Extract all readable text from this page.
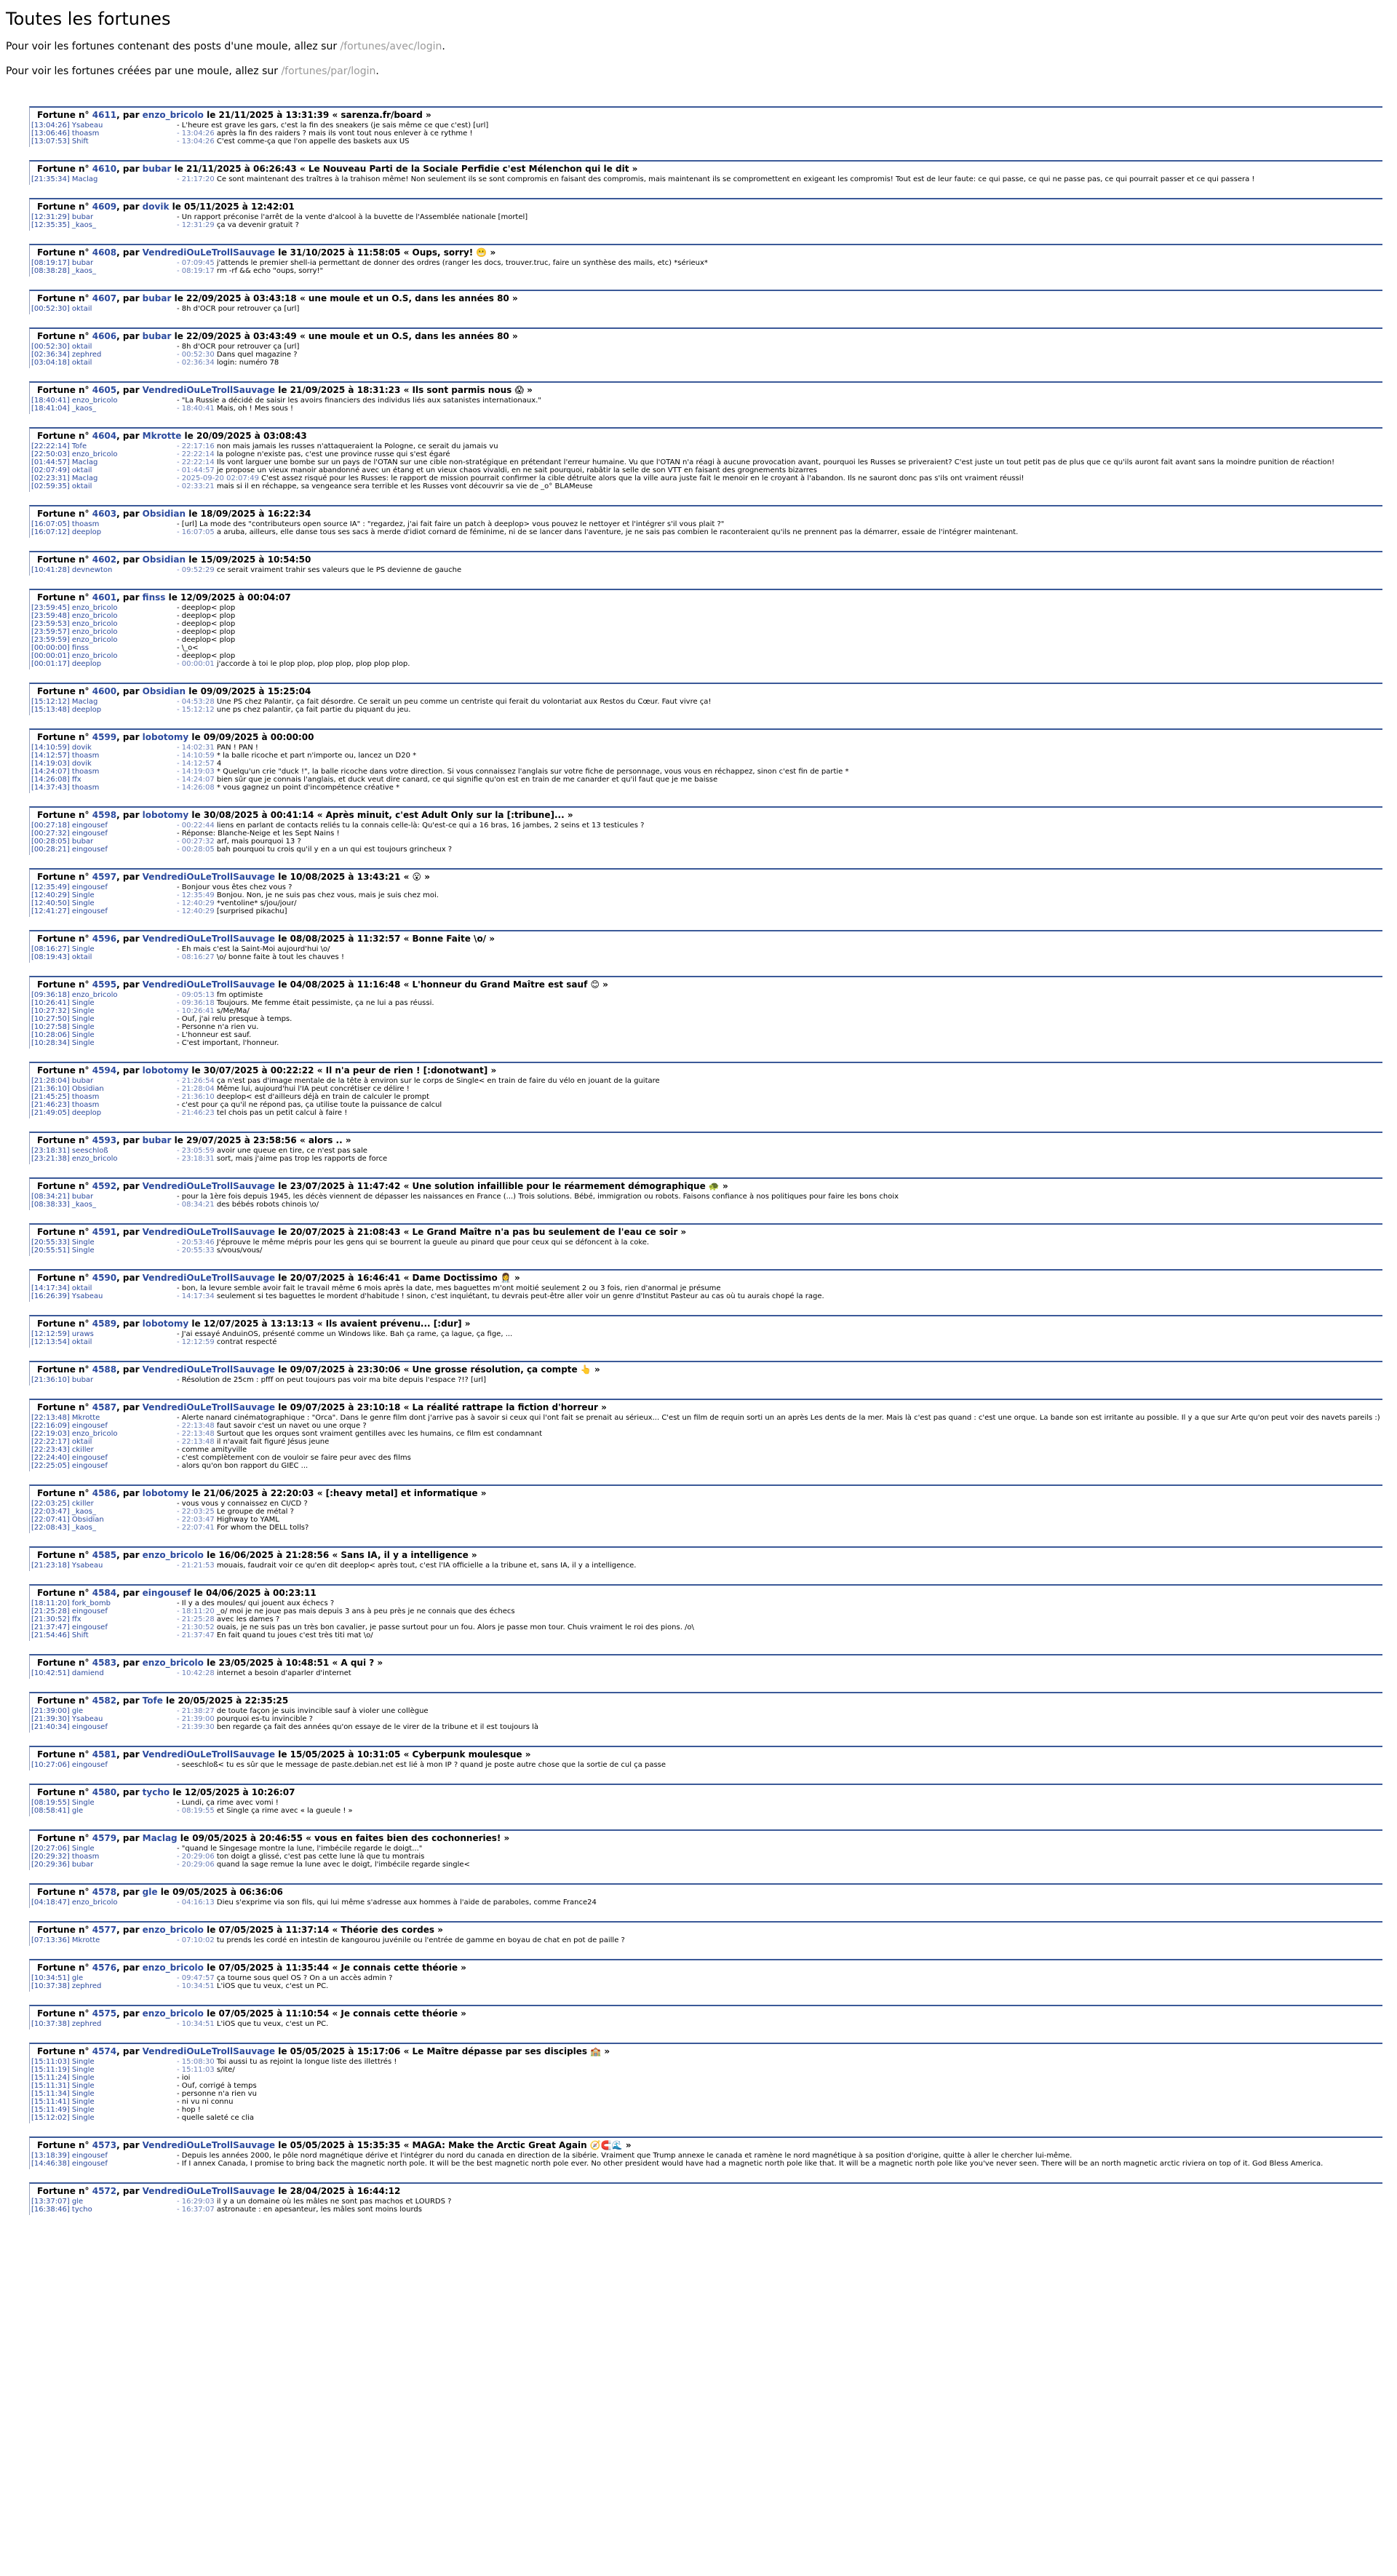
Toutes les fortunes

Pour voir les fortunes contenant des posts d'une moule, allez sur /fortunes/avec/login.

Pour voir les fortunes créées par une moule, allez sur /fortunes/par/login.

Fortune n° 4611, par enzo_bricolo le 21/11/2025 à 13:31:39 « sarenza.fr/board »
[13:04:26] Ysabeau	- L'heure est grave les gars, c'est la fin des sneakers (je sais même ce que c'est) [url]
[13:06:46] thoasm	- 13:04:26 après la fin des raiders ? mais ils vont tout nous enlever à ce rythme !
[13:07:53] Shift	- 13:04:26 C'est comme-ça que l'on appelle des baskets aux US
Fortune n° 4610, par bubar le 21/11/2025 à 06:26:43 « Le Nouveau Parti de la Sociale Perfidie c'est Mélenchon qui le dit »
[21:35:34] Maclag	- 21:17:20 Ce sont maintenant des traîtres à la trahison même! Non seulement ils se sont compromis en faisant des compromis, mais maintenant ils se compromettent en exigeant les compromis! Tout est de leur faute: ce qui passe, ce qui ne passe pas, ce qui pourrait passer et ce qui passera !
Fortune n° 4609, par dovik le 05/11/2025 à 12:42:01
[12:31:29] bubar	- Un rapport préconise l'arrêt de la vente d'alcool à la buvette de l'Assemblée nationale [mortel]
[12:35:35] _kaos_	- 12:31:29 ça va devenir gratuit ?
Fortune n° 4608, par VendrediOuLeTrollSauvage le 31/10/2025 à 11:58:05 « Oups, sorry! 😬 »
[08:19:17] bubar	- 07:09:45 j'attends le premier shell-ia permettant de donner des ordres (ranger les docs, trouver.truc, faire un synthèse des mails, etc) *sérieux*
[08:38:28] _kaos_	- 08:19:17 rm -rf && echo "oups, sorry!"
Fortune n° 4607, par bubar le 22/09/2025 à 03:43:18 « une moule et un O.S, dans les années 80 »
[00:52:30] oktail	- 8h d'OCR pour retrouver ça [url]
Fortune n° 4606, par bubar le 22/09/2025 à 03:43:49 « une moule et un O.S, dans les années 80 »
[00:52:30] oktail	- 8h d'OCR pour retrouver ça [url]
[02:36:34] zephred	- 00:52:30 Dans quel magazine ?
[03:04:18] oktail	- 02:36:34 login: numéro 78
Fortune n° 4605, par VendrediOuLeTrollSauvage le 21/09/2025 à 18:31:23 « Ils sont parmis nous 😱 »
[18:40:41] enzo_bricolo	- "La Russie a décidé de saisir les avoirs financiers des individus liés aux satanistes internationaux."
[18:41:04] _kaos_	- 18:40:41 Mais, oh ! Mes sous !
Fortune n° 4604, par Mkrotte le 20/09/2025 à 03:08:43
[22:22:14] Tofe	- 22:17:16 non mais jamais les russes n'attaqueraient la Pologne, ce serait du jamais vu
[22:50:03] enzo_bricolo	- 22:22:14 la pologne n'existe pas, c'est une province russe qui s'est égaré
[01:44:57] Maclag	- 22:22:14 Ils vont larguer une bombe sur un pays de l'OTAN sur une cible non-stratégique en prétendant l'erreur humaine. Vu que l'OTAN n'a réagi à aucune provocation avant, pourquoi les Russes se priveraient? C'est juste un tout petit pas de plus que ce qu'ils auront fait avant sans la moindre punition de réaction!
[02:07:49] oktail	- 01:44:57 je propose un vieux manoir abandonné avec un étang et un vieux chaos vivaldi, en ne sait pourquoi, rabâtir la selle de son VTT en faisant des grognements bizarres
[02:23:31] Maclag	- 2025-09-20 02:07:49 C'est assez risqué pour les Russes: le rapport de mission pourrait confirmer la cible détruite alors que la ville aura juste fait le menoir en le croyant à l'abandon. Ils ne sauront donc pas s'ils ont vraiment réussi!
[02:59:35] oktail	- 02:33:21 mais si il en réchappe, sa vengeance sera terrible et les Russes vont découvrir sa vie de _o° BLAMeuse
Fortune n° 4603, par Obsidian le 18/09/2025 à 16:22:34
[16:07:05] thoasm	- [url] La mode des "contributeurs open source IA" : "regardez, j'ai fait faire un patch à deeplop> vous pouvez le nettoyer et l'intégrer s'il vous plait ?"
[16:07:12] deeplop	- 16:07:05 a aruba, ailleurs, elle danse tous ses sacs à merde d'idiot cornard de féminime, ni de se lancer dans l'aventure, je ne sais pas combien le raconteraient qu'ils ne prennent pas la démarrer, essaie de l'intégrer maintenant.
Fortune n° 4602, par Obsidian le 15/09/2025 à 10:54:50
[10:41:28] devnewton	- 09:52:29 ce serait vraiment trahir ses valeurs que le PS devienne de gauche
Fortune n° 4601, par finss le 12/09/2025 à 00:04:07
[23:59:45] enzo_bricolo	- deeplop< plop
[23:59:48] enzo_bricolo	- deeplop< plop
[23:59:53] enzo_bricolo	- deeplop< plop
[23:59:57] enzo_bricolo	- deeplop< plop
[23:59:59] enzo_bricolo	- deeplop< plop
[00:00:00] finss	- \_o<
[00:00:01] enzo_bricolo	- deeplop< plop
[00:01:17] deeplop	- 00:00:01 j'accorde à toi le plop plop, plop plop, plop plop plop.
Fortune n° 4600, par Obsidian le 09/09/2025 à 15:25:04
[15:12:12] Maclag	- 04:53:28 Une PS chez Palantir, ça fait désordre. Ce serait un peu comme un centriste qui ferait du volontariat aux Restos du Cœur. Faut vivre ça!
[15:13:48] deeplop	- 15:12:12 une ps chez palantir, ça fait partie du piquant du jeu.
Fortune n° 4599, par lobotomy le 09/09/2025 à 00:00:00
[14:10:59] dovik	- 14:02:31 PAN ! PAN !
[14:12:57] thoasm	- 14:10:59 * la balle ricoche et part n'importe ou, lancez un D20 *
[14:19:03] dovik	- 14:12:57 4
[14:24:07] thoasm	- 14:19:03 * Quelqu'un crie "duck !", la balle ricoche dans votre direction. Si vous connaissez l'anglais sur votre fiche de personnage, vous vous en réchappez, sinon c'est fin de partie *
[14:26:08] ffx	- 14:24:07 bien sûr que je connais l'anglais, et duck veut dire canard, ce qui signifie qu'on est en train de me canarder et qu'il faut que je me baisse
[14:37:43] thoasm	- 14:26:08 * vous gagnez un point d'incompétence créative *
Fortune n° 4598, par lobotomy le 30/08/2025 à 00:41:14 « Après minuit, c'est Adult Only sur la [:tribune]... »
[00:27:18] eingousef	- 00:22:44 liens en parlant de contacts reliés tu la connais celle-là: Qu'est-ce qui a 16 bras, 16 jambes, 2 seins et 13 testicules ?
[00:27:32] eingousef	- Réponse: Blanche-Neige et les Sept Nains !
[00:28:05] bubar	- 00:27:32 arf, mais pourquoi 13 ?
[00:28:21] eingousef	- 00:28:05 bah pourquoi tu crois qu'il y en a un qui est toujours grincheux ?
Fortune n° 4597, par VendrediOuLeTrollSauvage le 10/08/2025 à 13:43:21 « 😮 »
[12:35:49] eingousef	- Bonjour vous êtes chez vous ?
[12:40:29] Single	- 12:35:49 Bonjou. Non, je ne suis pas chez vous, mais je suis chez moi.
[12:40:50] Single	- 12:40:29 *ventoline* s/jou/jour/
[12:41:27] eingousef	- 12:40:29 [surprised pikachu]
Fortune n° 4596, par VendrediOuLeTrollSauvage le 08/08/2025 à 11:32:57 « Bonne Faite \o/ »
[08:16:27] Single	- Eh mais c'est la Saint-Moi aujourd'hui \o/
[08:19:43] oktail	- 08:16:27 \o/ bonne faite à tout les chauves !
Fortune n° 4595, par VendrediOuLeTrollSauvage le 04/08/2025 à 11:16:48 « L'honneur du Grand Maître est sauf 😊 »
[09:36:18] enzo_bricolo	- 09:05:13 fm optimiste
[10:26:41] Single	- 09:36:18 Toujours. Me femme était pessimiste, ça ne lui a pas réussi.
[10:27:32] Single	- 10:26:41 s/Me/Ma/
[10:27:50] Single	- Ouf, j'ai relu presque à temps.
[10:27:58] Single	- Personne n'a rien vu.
[10:28:06] Single	- L'honneur est sauf.
[10:28:34] Single	- C'est important, l'honneur.
Fortune n° 4594, par lobotomy le 30/07/2025 à 00:22:22 « Il n'a peur de rien ! [:donotwant] »
[21:28:04] bubar	- 21:26:54 ça n'est pas d'image mentale de la tête à environ sur le corps de Single< en train de faire du vélo en jouant de la guitare
[21:36:10] Obsidian	- 21:28:04 Même lui, aujourd'hui l'IA peut concrétiser ce délire !
[21:45:25] thoasm	- 21:36:10 deeplop< est d'ailleurs déjà en train de calculer le prompt
[21:46:23] thoasm	- c'est pour ça qu'il ne répond pas, ça utilise toute la puissance de calcul
[21:49:05] deeplop	- 21:46:23 tel chois pas un petit calcul à faire !
Fortune n° 4593, par bubar le 29/07/2025 à 23:58:56 « alors .. »
[23:18:31] seeschloß	- 23:05:59 avoir une queue en tire, ce n'est pas sale
[23:21:38] enzo_bricolo	- 23:18:31 sort, mais j'aime pas trop les rapports de force
Fortune n° 4592, par VendrediOuLeTrollSauvage le 23/07/2025 à 11:47:42 « Une solution infaillible pour le réarmement démographique 🐢 »
[08:34:21] bubar	- pour la 1ère fois depuis 1945, les décès viennent de dépasser les naissances en France (...) Trois solutions. Bébé, immigration ou robots. Faisons confiance à nos politiques pour faire les bons choix
[08:38:33] _kaos_	- 08:34:21 des bébés robots chinois \o/
Fortune n° 4591, par VendrediOuLeTrollSauvage le 20/07/2025 à 21:08:43 « Le Grand Maître n'a pas bu seulement de l'eau ce soir »
[20:55:33] Single	- 20:53:46 J'éprouve le même mépris pour les gens qui se bourrent la gueule au pinard que pour ceux qui se défoncent à la coke.
[20:55:51] Single	- 20:55:33 s/vous/vous/
Fortune n° 4590, par VendrediOuLeTrollSauvage le 20/07/2025 à 16:46:41 « Dame Doctissimo 👩‍⚕️ »
[14:17:34] oktail	- bon, la levure semble avoir fait le travail même 6 mois après la date, mes baguettes m'ont moitié seulement 2 ou 3 fois, rien d'anormal je présume
[16:26:39] Ysabeau	- 14:17:34 seulement si tes baguettes le mordent d'habitude ! sinon, c'est inquiétant, tu devrais peut-être aller voir un genre d'Institut Pasteur au cas où tu aurais chopé la rage.
Fortune n° 4589, par lobotomy le 12/07/2025 à 13:13:13 « Ils avaient prévenu... [:dur] »
[12:12:59] uraws	- J'ai essayé AnduinOS, présenté comme un Windows like. Bah ça rame, ça lague, ça fige, ...
[12:13:54] oktail	- 12:12:59 contrat respecté
Fortune n° 4588, par VendrediOuLeTrollSauvage le 09/07/2025 à 23:30:06 « Une grosse résolution, ça compte 👆 »
[21:36:10] bubar	- Résolution de 25cm : pfff on peut toujours pas voir ma bite depuis l'espace ?!? [url]
Fortune n° 4587, par VendrediOuLeTrollSauvage le 09/07/2025 à 23:10:18 « La réalité rattrape la fiction d'horreur »
[22:13:48] Mkrotte	- Alerte nanard cinématographique : "Orca". Dans le genre film dont j'arrive pas à savoir si ceux qui l'ont fait se prenait au sérieux... C'est un film de requin sorti un an après Les dents de la mer. Mais là c'est pas quand : c'est une orque. La bande son est irritante au possible. Il y a que sur Arte qu'on peut voir des navets pareils :)
[22:16:09] eingousef	- 22:13:48 faut savoir c'est un navet ou une orque ?
[22:19:03] enzo_bricolo	- 22:13:48 Surtout que les orques sont vraiment gentilles avec les humains, ce film est condamnant
[22:22:17] oktail	- 22:13:48 il n'avait fait figuré Jésus jeune
[22:23:43] ckiller	- comme amityville
[22:24:40] eingousef	- c'est complètement con de vouloir se faire peur avec des films
[22:25:05] eingousef	- alors qu'on bon rapport du GIEC ...
Fortune n° 4586, par lobotomy le 21/06/2025 à 22:20:03 « [:heavy metal] et informatique »
[22:03:25] ckiller	- vous vous y connaissez en CI/CD ?
[22:03:47] _kaos_	- 22:03:25 Le groupe de métal ?
[22:07:41] Obsidian	- 22:03:47 Highway to YAML
[22:08:43] _kaos_	- 22:07:41 For whom the DELL tolls?
Fortune n° 4585, par enzo_bricolo le 16/06/2025 à 21:28:56 « Sans IA, il y a intelligence »
[21:23:18] Ysabeau	- 21:21:53 mouais, faudrait voir ce qu'en dit deeplop< après tout, c'est l'IA officielle a la tribune et, sans IA, il y a intelligence.
Fortune n° 4584, par eingousef le 04/06/2025 à 00:23:11
[18:11:20] fork_bomb	- Il y a des moules/ qui jouent aux échecs ?
[21:25:28] eingousef	- 18:11:20 _o/ moi je ne joue pas mais depuis 3 ans à peu près je ne connais que des échecs
[21:30:52] ffx	- 21:25:28 avec les dames ?
[21:37:47] eingousef	- 21:30:52 ouais, je ne suis pas un très bon cavalier, je passe surtout pour un fou. Alors je passe mon tour. Chuis vraiment le roi des pions. /o\
[21:54:46] Shift	- 21:37:47 En fait quand tu joues c'est très titi mat \o/
Fortune n° 4583, par enzo_bricolo le 23/05/2025 à 10:48:51 « A qui ? »
[10:42:51] damiend	- 10:42:28 internet a besoin d'aparler d'internet
Fortune n° 4582, par Tofe le 20/05/2025 à 22:35:25
[21:39:00] gle	- 21:38:27 de toute façon je suis invincible sauf à violer une collègue
[21:39:30] Ysabeau	- 21:39:00 pourquoi es-tu invincible ?
[21:40:34] eingousef	- 21:39:30 ben regarde ça fait des années qu'on essaye de le virer de la tribune et il est toujours là
Fortune n° 4581, par VendrediOuLeTrollSauvage le 15/05/2025 à 10:31:05 « Cyberpunk moulesque »
[10:27:06] eingousef	- seeschloß< tu es sûr que le message de paste.debian.net est lié à mon IP ? quand je poste autre chose que la sortie de cul ça passe
Fortune n° 4580, par tycho le 12/05/2025 à 10:26:07
[08:19:55] Single	- Lundi, ça rime avec vomi !
[08:58:41] gle	- 08:19:55 et Single ça rime avec « la gueule ! »
Fortune n° 4579, par Maclag le 09/05/2025 à 20:46:55 « vous en faites bien des cochonneries! »
[20:27:06] Single	- "quand le Singesage montre la lune, l'imbécile regarde le doigt..."
[20:29:32] thoasm	- 20:29:06 ton doigt a glissé, c'est pas cette lune là que tu montrais
[20:29:36] bubar	- 20:29:06 quand la sage remue la lune avec le doigt, l'imbécile regarde single<
Fortune n° 4578, par gle le 09/05/2025 à 06:36:06
[04:18:47] enzo_bricolo	- 04:16:13 Dieu s'exprime via son fils, qui lui même s'adresse aux hommes à l'aide de paraboles, comme France24
Fortune n° 4577, par enzo_bricolo le 07/05/2025 à 11:37:14 « Théorie des cordes »
[07:13:36] Mkrotte	- 07:10:02 tu prends les cordé en intestin de kangourou juvénile ou l'entrée de gamme en boyau de chat en pot de paille ?
Fortune n° 4576, par enzo_bricolo le 07/05/2025 à 11:35:44 « Je connais cette théorie »
[10:34:51] gle	- 09:47:57 ça tourne sous quel OS ? On a un accès admin ?
[10:37:38] zephred	- 10:34:51 L'iOS que tu veux, c'est un PC.
Fortune n° 4575, par enzo_bricolo le 07/05/2025 à 11:10:54 « Je connais cette théorie »
[10:37:38] zephred	- 10:34:51 L'iOS que tu veux, c'est un PC.
Fortune n° 4574, par VendrediOuLeTrollSauvage le 05/05/2025 à 15:17:06 « Le Maître dépasse par ses disciples 🏫 »
[15:11:03] Single	- 15:08:30 Toi aussi tu as rejoint la longue liste des illettrés !
[15:11:19] Single	- 15:11:03 s/ite/
[15:11:24] Single	- ioi
[15:11:31] Single	- Ouf, corrigé à temps
[15:11:34] Single	- personne n'a rien vu
[15:11:41] Single	- ni vu ni connu
[15:11:49] Single	- hop !
[15:12:02] Single	- quelle saleté ce clia
Fortune n° 4573, par VendrediOuLeTrollSauvage le 05/05/2025 à 15:35:35 « MAGA: Make the Arctic Great Again 🧭🧲🌊 »
[13:18:39] eingousef	- Depuis les années 2000, le pôle nord magnétique dérive et l'intégrer du nord du canada en direction de la sibérie. Vraiment que Trump annexe le canada et ramène le nord magnétique à sa position d'origine, quitte à aller le chercher lui-même.
[14:46:38] eingousef	- If I annex Canada, I promise to bring back the magnetic north pole. It will be the best magnetic north pole ever. No other president would have had a magnetic north pole like that. It will be a magnetic north pole like you've never seen. There will be an north magnetic arctic riviera on top of it. God Bless America.
Fortune n° 4572, par VendrediOuLeTrollSauvage le 28/04/2025 à 16:44:12
[13:37:07] gle	- 16:29:03 il y a un domaine où les mâles ne sont pas machos et LOURDS ?
[16:38:46] tycho	- 16:37:07 astronaute : en apesanteur, les mâles sont moins lourds
